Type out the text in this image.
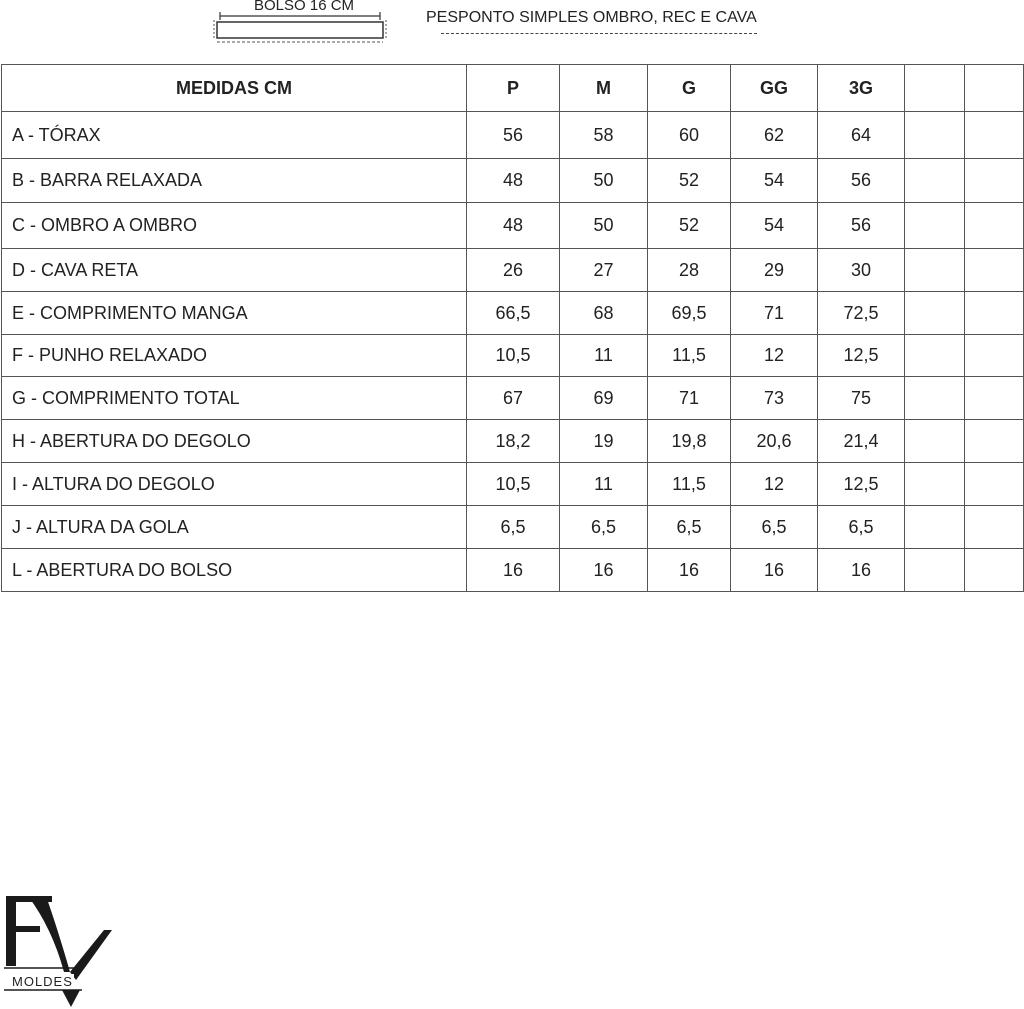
BOLSO 16 CM
PESPONTO SIMPLES OMBRO, REC E CAVA
MEDIDAS CM	P	M	G	GG	3G		
A - TÓRAX	56	58	60	62	64		
B - BARRA RELAXADA	48	50	52	54	56		
C - OMBRO A OMBRO	48	50	52	54	56		
D - CAVA RETA	26	27	28	29	30		
E - COMPRIMENTO MANGA	66,5	68	69,5	71	72,5		
F - PUNHO RELAXADO	10,5	11	11,5	12	12,5		
G - COMPRIMENTO TOTAL	67	69	71	73	75		
H - ABERTURA DO DEGOLO	18,2	19	19,8	20,6	21,4		
I - ALTURA DO DEGOLO	10,5	11	11,5	12	12,5		
J - ALTURA DA GOLA	6,5	6,5	6,5	6,5	6,5		
L - ABERTURA DO BOLSO	16	16	16	16	16		
MOLDES
